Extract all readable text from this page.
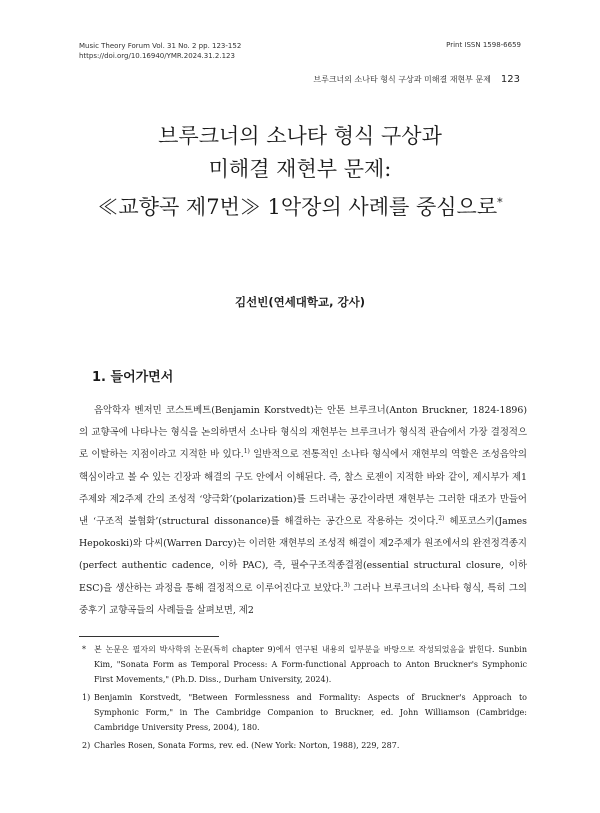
Music Theory Forum Vol. 31 No. 2 pp. 123-152
https://doi.org/10.16940/YMR.2024.31.2.123
Print ISSN 1598-6659
브루크너의 소나타 형식 구상과 미해결 재현부 문제 123
브루크너의 소나타 형식 구상과
미해결 재현부 문제:
≪교향곡 제7번≫ 1악장의 사례를 중심으로*
김선빈(연세대학교, 강사)
1. 들어가면서

음악학자 벤저민 코스트베트(Benjamin Korstvedt)는 안톤 브루크너(Anton Bruckner, 1824-1896)의 교향곡에 나타나는 형식을 논의하면서 소나타 형식의 재현부는 브루크너가 형식적 관습에서 가장 결정적으로 이탈하는 지점이라고 지적한 바 있다.$^{1)}$ 일반적으로 전통적인 소나타 형식에서 재현부의 역할은 조성음악의 핵심이라고 볼 수 있는 긴장과 해결의 구도 안에서 이해된다. 즉, 찰스 로젠이 지적한 바와 같이, 제시부가 제1주제와 제2주제 간의 조성적 ‘양극화’(polarization)를 드러내는 공간이라면 재현부는 그러한 대조가 만들어낸 ‘구조적 불협화’(structural dissonance)를 해결하는 공간으로 작용하는 것이다.$^{2)}$ 헤포코스키(James Hepokoski)와 다씨(Warren Darcy)는 이러한 재현부의 조성적 해결이 제2주제가 원조에서의 완전정격종지(perfect authentic cadence, 이하 PAC), 즉, 필수구조적종결점(essential structural closure, 이하 ESC)을 생산하는 과정을 통해 결정적으로 이루어진다고 보았다.$^{3)}$ 그러나 브루크너의 소나타 형식, 특히 그의 중후기 교향곡들의 사례들을 살펴보면, 제2

* 본 논문은 필자의 박사학위 논문(특히 chapter 9)에서 연구된 내용의 일부분을 바탕으로 작성되었음을 밝힌다. Sunbin Kim, "Sonata Form as Temporal Process: A Form-functional Approach to Anton Bruckner's Symphonic First Movements," (Ph.D. Diss., Durham University, 2024).
1) Benjamin Korstvedt, "Between Formlessness and Formality: Aspects of Bruckner's Approach to Symphonic Form," in The Cambridge Companion to Bruckner, ed. John Williamson (Cambridge: Cambridge University Press, 2004), 180.
2) Charles Rosen, Sonata Forms, rev. ed. (New York: Norton, 1988), 229, 287.
